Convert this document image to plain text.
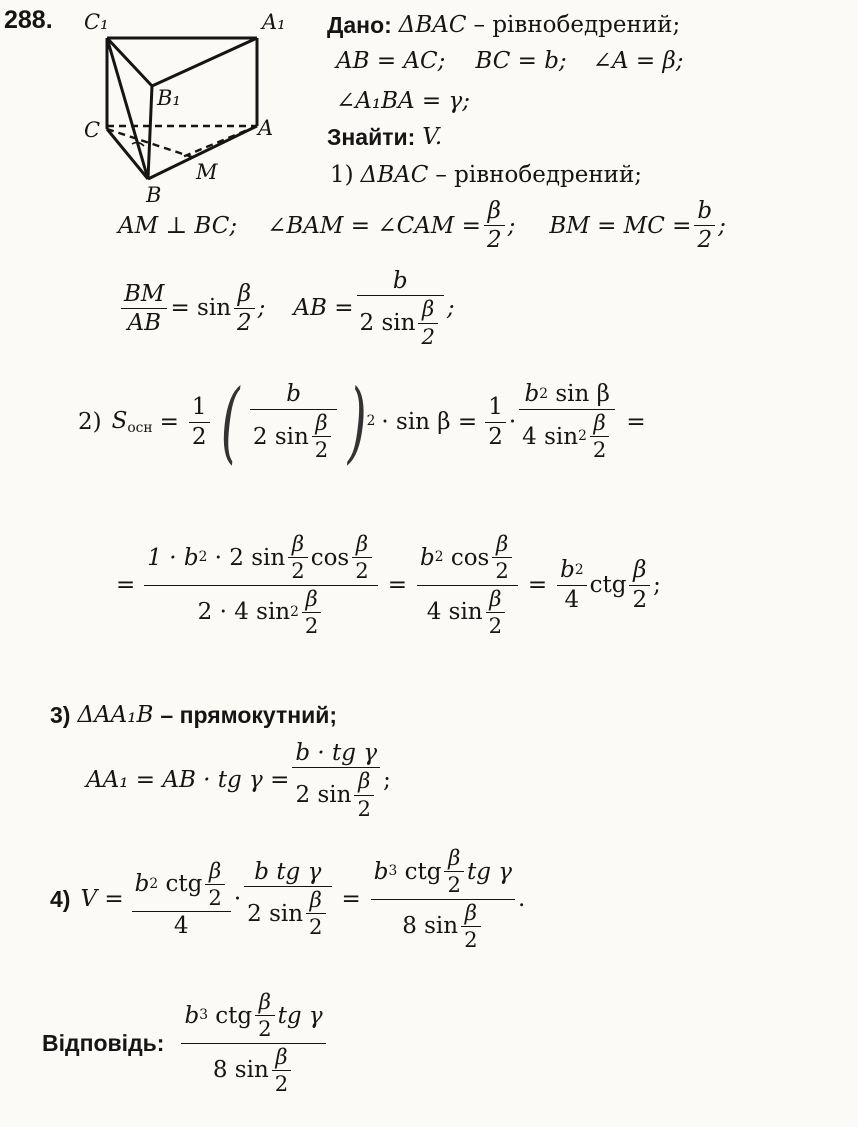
288. C₁	A₁
B₁
C	A
B
M
Дано: ΔBAC – рівнобедрений;
AB = AC; BC = b; ∠A = β;
∠A₁BA = γ;
Знайти: V.
1) ΔBAC – рівнобедрений;
AM ⊥ BC; ∠BAM = ∠CAM = $\frac{\beta}{2}$ ; BM = MC = $\frac{b}{2}$ ;
$\frac{BM}{AB} = \sin \frac{\beta}{2}$ ; AB = $\frac{b}{2 \sin \frac{\beta}{2}}$ ;
2) $S_{осн} = \frac{1}{2}$ ( $\frac{b}{2 \sin \frac{\beta}{2}}$ ) $2 \cdot \sin \beta = \frac{1}{2} \cdot b$ 2
sin β
4 $\sin 2 \frac{\beta}{2}$ =
= 1 · b 2
· 2 $\sin \frac{\beta}{2}$ $\cos \frac{\beta}{2}$
2 · 4 $\sin 2 \frac{\beta}{2} = b$ 2
$\cos \frac{\beta}{2}$
4 $\sin \frac{\beta}{2} = \frac{b 2}{4}$ ctg $\frac{\beta}{2}$ ;
3) ΔAA₁B – прямокутний;
AA₁ = AB · tg $\gamma = \frac{\text{b · tg γ}}{2 \sin \frac{\beta}{2}}$ ;
4) V = b 2
ctg $\frac{\beta}{2}$
$4 \cdot \frac{\text{b tg γ}}{2 \sin \frac{\beta}{2}} = b$ 3
ctg $\frac{\beta}{2}$ tg γ
8 $\sin \frac{\beta}{2}$ .
Відповідь: b 3
ctg $\frac{\beta}{2}$ tg γ
8 $\sin \frac{\beta}{2}$
